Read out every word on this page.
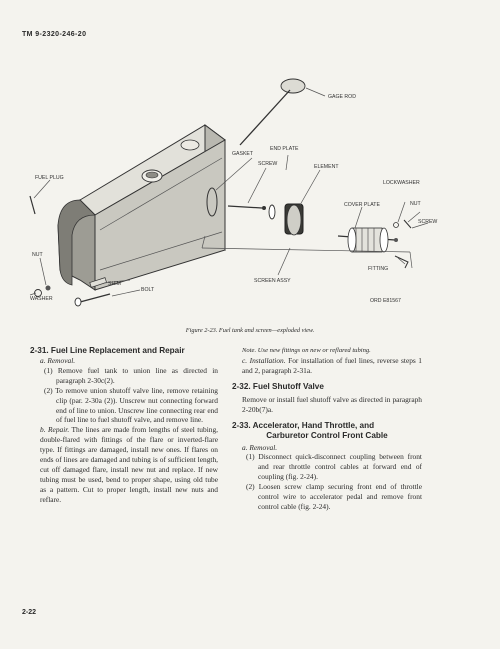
TM 9-2320-246-20
GAGE ROD
GASKET
END PLATE
SCREW	ELEMENT
FUEL PLUG
LOCKWASHER
COVER PLATE	NUT
SCREW
NUT
FITTING
SHIM
BOLT
SCREEN ASSY
WASHER	ORD E81567
Figure 2-23. Fuel tank and screen—exploded view.

2-31. Fuel Line Replacement and Repair

a. Removal.

(1) Remove fuel tank to union line as directed in paragraph 2-30c(2).

(2) To remove union shutoff valve line, remove retaining clip (par. 2-30a (2)). Unscrew nut connecting forward end of line to union. Unscrew line connecting rear end of fuel line to fuel shutoff valve, and remove line.

b. Repair. The lines are made from lengths of steel tubing, double-flared with fittings of the flare or inverted-flare type. If fittings are damaged, install new ones. If flares on ends of lines are damaged and tubing is of sufficient length, cut off damaged flare, install new nut and replace. If new tubing must be used, bend to proper shape, using old tube as a pattern. Cut to proper length, install new nuts and reflare.

Note. Use new fittings on new or reflared tubing.

c. Installation. For installation of fuel lines, reverse steps 1 and 2, paragraph 2-31a.

2-32. Fuel Shutoff Valve

Remove or install fuel shutoff valve as directed in paragraph 2-20b(7)a.

2-33. Accelerator, Hand Throttle, and

Carburetor Control Front Cable

a. Removal.

(1) Disconnect quick-disconnect coupling between front and rear throttle control cables at forward end of coupling (fig. 2-24).

(2) Loosen screw clamp securing front end of throttle control wire to accelerator pedal and remove front control cable (fig. 2-24).

2-22
